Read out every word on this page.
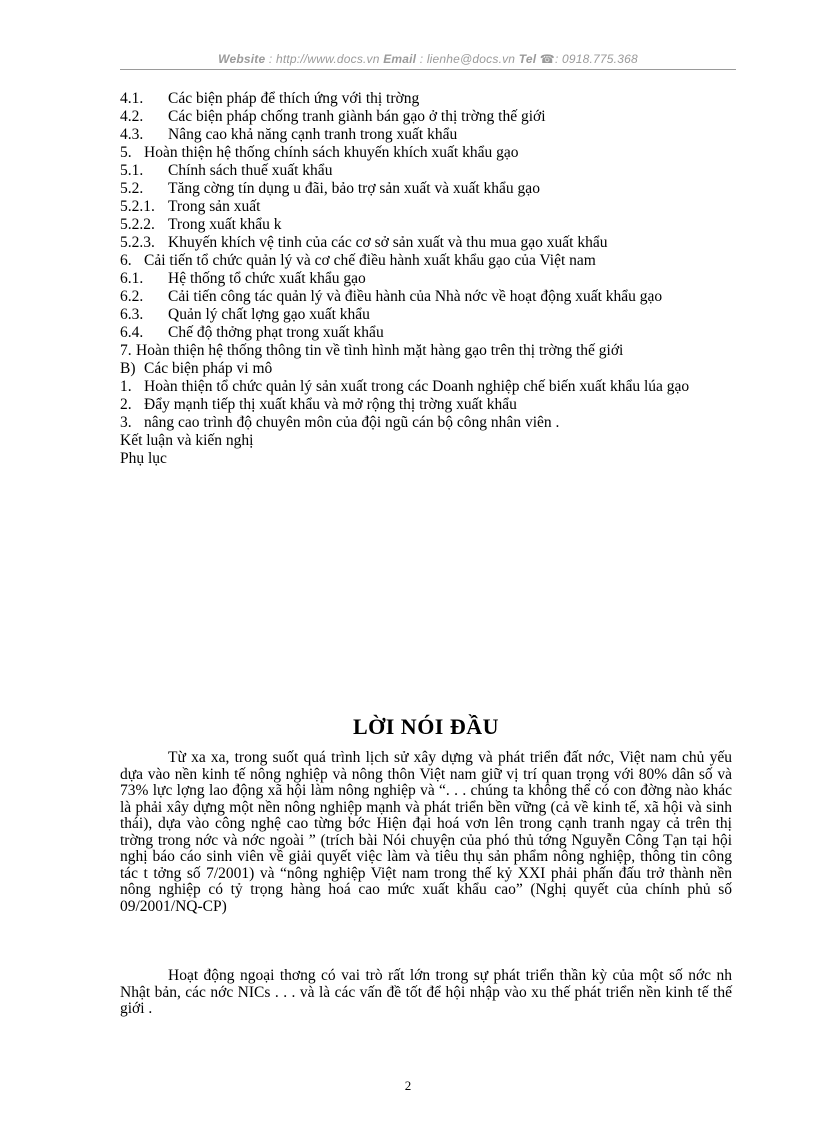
Website : http://www.docs.vn Email : lienhe@docs.vn Tel ☎: 0918.775.368
4.1.	Các biện pháp để thích ứng với thị trờng
4.2.	Các biện pháp chống tranh giành bán gạo ở thị trờng thế giới
4.3.	Nâng cao khả năng cạnh tranh trong xuất khẩu
5. Hoàn thiện hệ thống chính sách khuyến khích xuất khẩu gạo
5.1.	Chính sách thuế xuất khẩu
5.2.	Tăng cờng tín dụng u đãi, bảo trợ sản xuất và xuất khẩu gạo
5.2.1. Trong sản xuất
5.2.2. Trong xuất khẩu k
5.2.3. Khuyến khích vệ tinh của các cơ sở sản xuất và thu mua gạo xuất khẩu
6. Cải tiến tổ chức quản lý và cơ chế điều hành xuất khẩu gạo của Việt nam
6.1.	Hệ thống tổ chức xuất khẩu gạo
6.2.	Cải tiến công tác quản lý và điều hành của Nhà nớc về hoạt động xuất khẩu gạo
6.3.	Quản lý chất lợng gạo xuất khẩu
6.4.	Chế độ thởng phạt trong xuất khẩu
7. Hoàn thiện hệ thống thông tin về tình hình mặt hàng gạo trên thị trờng thế giới
B) Các biện pháp vi mô
1. Hoàn thiện tổ chức quản lý sản xuất trong các Doanh nghiệp chế biến xuất khẩu lúa gạo
2. Đẩy mạnh tiếp thị xuất khẩu và mở rộng thị trờng xuất khẩu
3. nâng cao trình độ chuyên môn của đội ngũ cán bộ công nhân viên .
Kết luận và kiến nghị
Phụ lục
LỜI NÓI ĐẦU

Từ xa xa, trong suốt quá trình lịch sử xây dựng và phát triển đất nớc, Việt nam chủ yếu dựa vào nền kinh tế nông nghiệp và nông thôn Việt nam giữ vị trí quan trọng với 80% dân số và 73% lực lợng lao động xã hội làm nông nghiệp và “. . . chúng ta không thể có con đờng nào khác là phải xây dựng một nền nông nghiệp mạnh và phát triển bền vững (cả về kinh tế, xã hội và sinh thái), dựa vào công nghệ cao từng bớc Hiện đại hoá vơn lên trong cạnh tranh ngay cả trên thị trờng trong nớc và nớc ngoài ” (trích bài Nói chuyện của phó thủ tớng Nguyễn Công Tạn tại hội nghị báo cáo sinh viên về giải quyết việc làm và tiêu thụ sản phẩm nông nghiệp, thông tin công tác t tởng số 7/2001) và “nông nghiệp Việt nam trong thế kỷ XXI phải phấn đấu trở thành nền nông nghiệp có tỷ trọng hàng hoá cao mức xuất khẩu cao” (Nghị quyết của chính phủ số 09/2001/NQ-CP)

Hoạt động ngoại thơng có vai trò rất lớn trong sự phát triển thần kỳ của một số nớc nh Nhật bản, các nớc NICs . . . và là các vấn đề tốt để hội nhập vào xu thế phát triển nền kinh tế thế giới .

2
